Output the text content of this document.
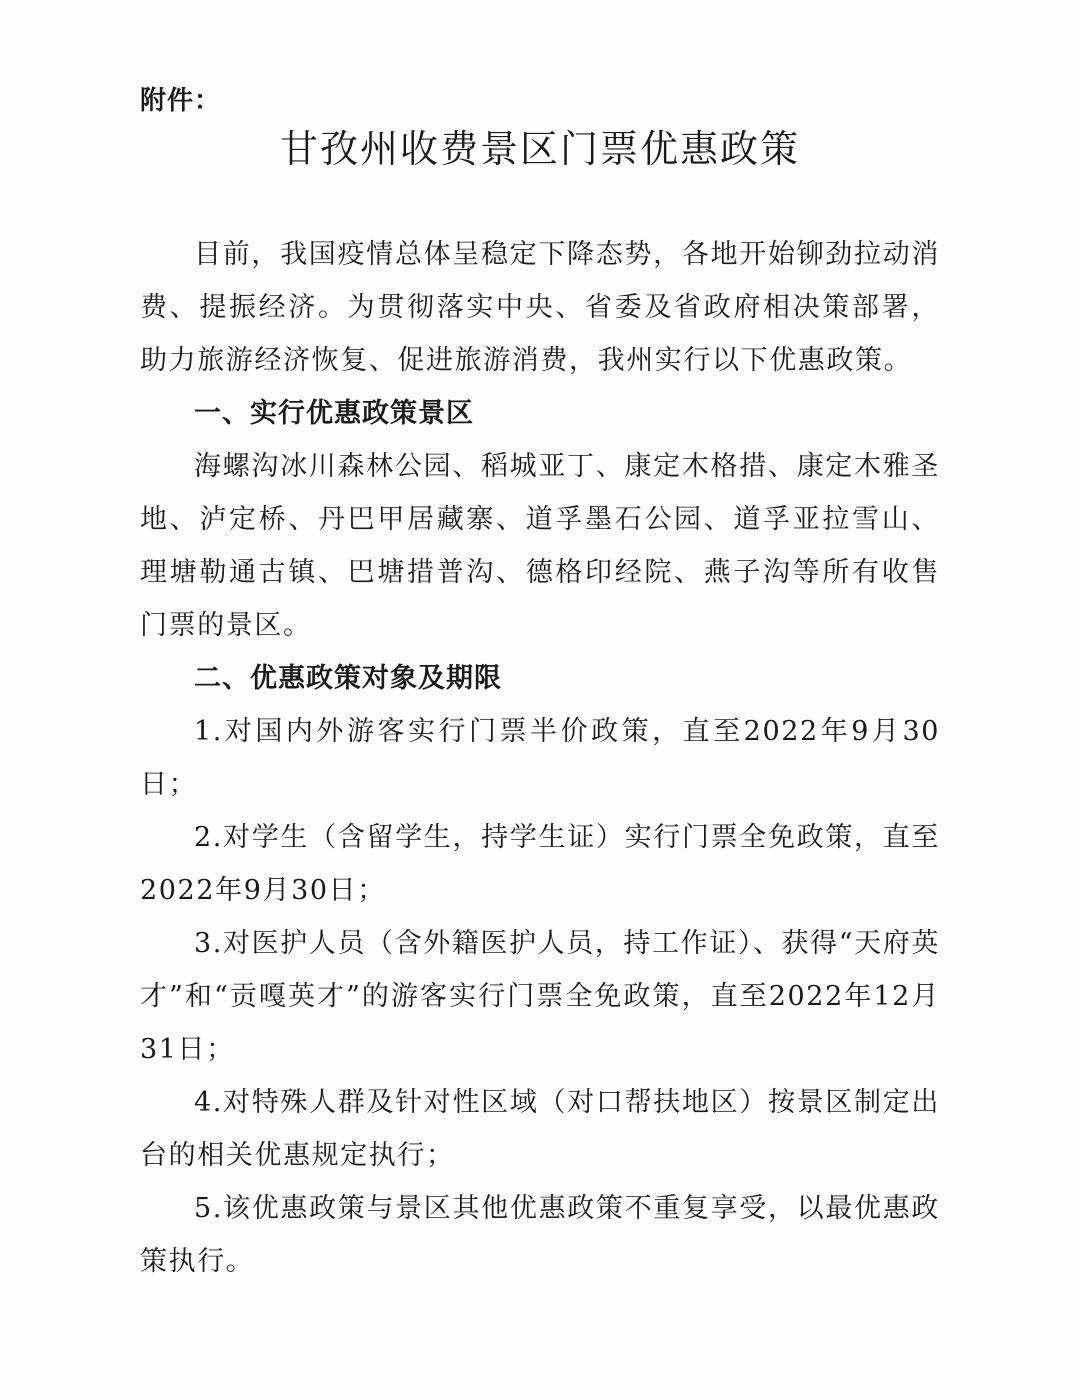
附件：
甘孜州收费景区门票优惠政策

目前，我国疫情总体呈稳定下降态势，各地开始铆劲拉动消费、提振经济。为贯彻落实中央、省委及省政府相决策部署，助力旅游经济恢复、促进旅游消费，我州实行以下优惠政策。

一、实行优惠政策景区

海螺沟冰川森林公园、稻城亚丁、康定木格措、康定木雅圣地、泸定桥、丹巴甲居藏寨、道孚墨石公园、道孚亚拉雪山、理塘勒通古镇、巴塘措普沟、德格印经院、燕子沟等所有收售门票的景区。

二、优惠政策对象及期限

1.对国内外游客实行门票半价政策，直至2022年9月30日；

2.对学生（含留学生，持学生证）实行门票全免政策，直至2022年9月30日；

3.对医护人员（含外籍医护人员，持工作证）、获得“天府英才”和“贡嘎英才”的游客实行门票全免政策，直至2022年12月31日；

4.对特殊人群及针对性区域（对口帮扶地区）按景区制定出台的相关优惠规定执行；

5.该优惠政策与景区其他优惠政策不重复享受，以最优惠政策执行。
